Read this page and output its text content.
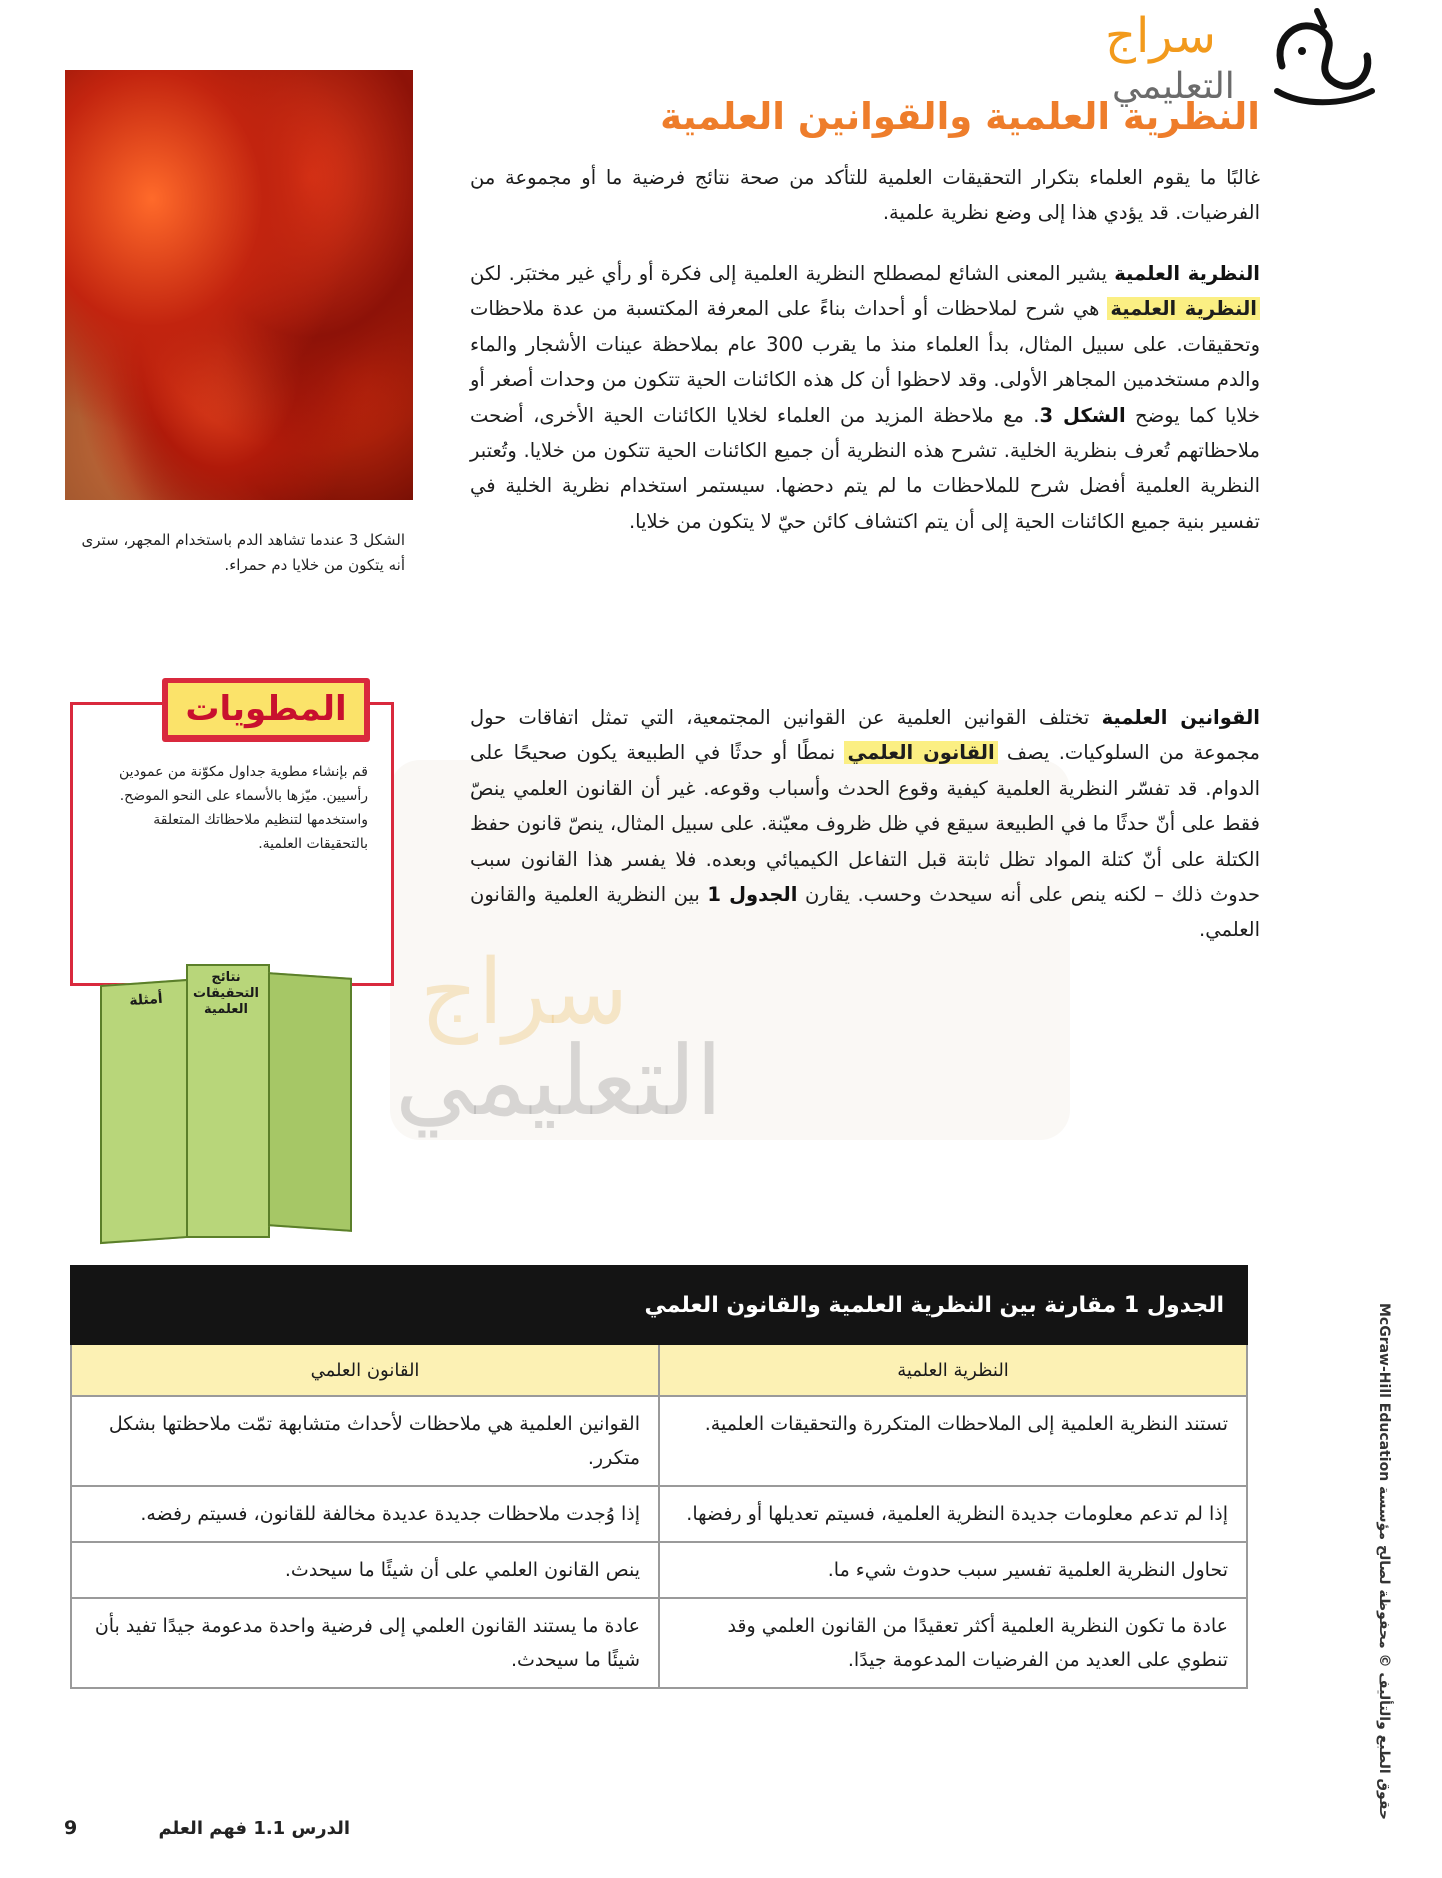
سراج
التعليمي
سراج
التعليمي
الشكل 3 عندما تشاهد الدم باستخدام المجهر، سترى أنه يتكون من خلايا دم حمراء.
النظرية العلمية والقوانين العلمية
غالبًا ما يقوم العلماء بتكرار التحقيقات العلمية للتأكد من صحة نتائج فرضية ما أو مجموعة من الفرضيات. قد يؤدي هذا إلى وضع نظرية علمية.
النظرية العلمية يشير المعنى الشائع لمصطلح النظرية العلمية إلى فكرة أو رأي غير مختبَر. لكن النظرية العلمية هي شرح لملاحظات أو أحداث بناءً على المعرفة المكتسبة من عدة ملاحظات وتحقيقات. على سبيل المثال، بدأ العلماء منذ ما يقرب 300 عام بملاحظة عينات الأشجار والماء والدم مستخدمين المجاهر الأولى. وقد لاحظوا أن كل هذه الكائنات الحية تتكون من وحدات أصغر أو خلايا كما يوضح الشكل 3. مع ملاحظة المزيد من العلماء لخلايا الكائنات الحية الأخرى، أضحت ملاحظاتهم تُعرف بنظرية الخلية. تشرح هذه النظرية أن جميع الكائنات الحية تتكون من خلايا. وتُعتبر النظرية العلمية أفضل شرح للملاحظات ما لم يتم دحضها. سيستمر استخدام نظرية الخلية في تفسير بنية جميع الكائنات الحية إلى أن يتم اكتشاف كائن حيّ لا يتكون من خلايا.
القوانين العلمية تختلف القوانين العلمية عن القوانين المجتمعية، التي تمثل اتفاقات حول مجموعة من السلوكيات. يصف القانون العلمي نمطًا أو حدثًا في الطبيعة يكون صحيحًا على الدوام. قد تفسّر النظرية العلمية كيفية وقوع الحدث وأسباب وقوعه. غير أن القانون العلمي ينصّ فقط على أنّ حدثًا ما في الطبيعة سيقع في ظل ظروف معيّنة. على سبيل المثال، ينصّ قانون حفظ الكتلة على أنّ كتلة المواد تظل ثابتة قبل التفاعل الكيميائي وبعده. فلا يفسر هذا القانون سبب حدوث ذلك – لكنه ينص على أنه سيحدث وحسب. يقارن الجدول 1 بين النظرية العلمية والقانون العلمي.
المطويات
قم بإنشاء مطوية جداول مكوّنة من عمودين رأسيين. ميّزها بالأسماء على النحو الموضح. واستخدمها لتنظيم ملاحظاتك المتعلقة بالتحقيقات العلمية.
أمثلة
نتائج التحقيقات العلمية
الجدول 1 مقارنة بين النظرية العلمية والقانون العلمي	
النظرية العلمية	القانون العلمي
تستند النظرية العلمية إلى الملاحظات المتكررة والتحقيقات العلمية.	القوانين العلمية هي ملاحظات لأحداث متشابهة تمّت ملاحظتها بشكل متكرر.
إذا لم تدعم معلومات جديدة النظرية العلمية، فسيتم تعديلها أو رفضها.	إذا وُجدت ملاحظات جديدة عديدة مخالفة للقانون، فسيتم رفضه.
تحاول النظرية العلمية تفسير سبب حدوث شيء ما.	ينص القانون العلمي على أن شيئًا ما سيحدث.
عادة ما تكون النظرية العلمية أكثر تعقيدًا من القانون العلمي وقد تنطوي على العديد من الفرضيات المدعومة جيدًا.	عادة ما يستند القانون العلمي إلى فرضية واحدة مدعومة جيدًا تفيد بأن شيئًا ما سيحدث.
حقوق الطبع والتأليف © محفوظة لصالح مؤسسة McGraw-Hill Education
الدرس 1.1 فهم العلم
9
